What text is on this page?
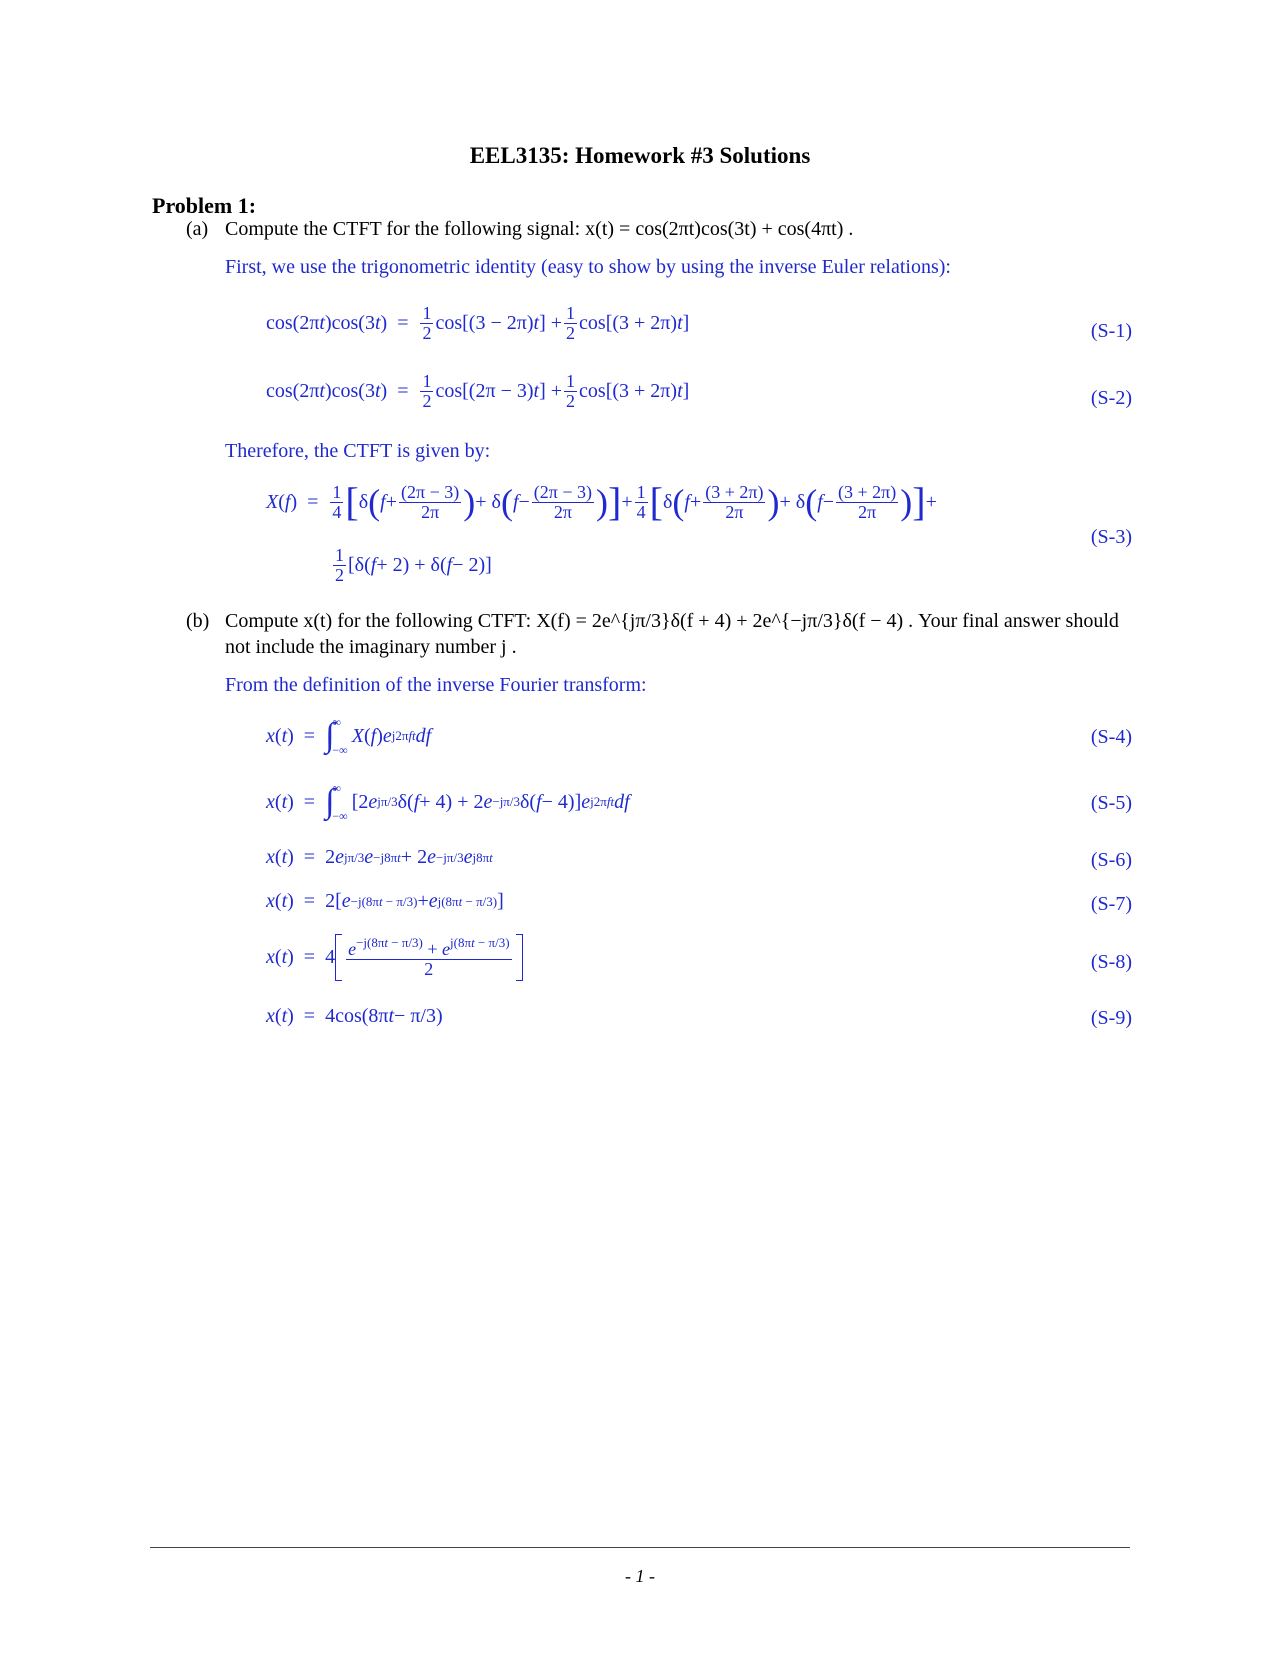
EEL3135: Homework #3 Solutions
Problem 1:
(a) Compute the CTFT for the following signal: x(t) = cos(2πt)cos(3t) + cos(4πt) .
First, we use the trigonometric identity (easy to show by using the inverse Euler relations):
cos(2π t )cos(3 t )  = $\frac{1}{2} \cos[(3 - 2\pi)$ t ] + $\frac{1}{2} \cos[(3 + 2\pi)$ t ]	(S-1)
cos(2π t )cos(3 t )  = $\frac{1}{2} \cos[(2\pi - 3)$ t ] + $\frac{1}{2} \cos[(3 + 2\pi)$ t ]	(S-2)
Therefore, the CTFT is given by:
X ( f )  = $\frac{1}{4}$ [ δ ( $f + \frac{(2\pi - 3)}{2\pi}$ ) + δ ( $f - \frac{(2\pi - 3)}{2\pi}$ ) ] + $\frac{1}{4}$ [ δ ( $f + \frac{(3 + 2\pi)}{2\pi}$ ) + δ ( $f - \frac{(3 + 2\pi)}{2\pi}$ ) ] +
$\frac{1}{2} [\delta$( f + 2) + δ( f − 2)]
(S-3)
(b) Compute x(t) for the following CTFT: X(f) = 2e^{jπ/3}δ(f + 4) + 2e^{−jπ/3}δ(f − 4) . Your final answer should
not include the imaginary number j .
From the definition of the inverse Fourier transform:
x ( t )  = ∫
∞
−∞
X ( f ) e j2πft df	(S-4)
x ( t )  = ∫
∞
−∞
[2 e jπ/3 δ( f + 4) + 2 e −jπ/3 δ( f − 4)] e j2πft df	(S-5)
x ( t )  =  2 e jπ/3 e −j8πt + 2 e −jπ/3 e j8πt	(S-6)
x ( t )  =  2[ e −j(8πt − π/3) + e j(8πt − π/3) ]	(S-7)
x ( t )  =  $4 \frac{e^{-j(8\pi t - \pi/3)} + e^{j(8\pi t - \pi/3)}}{2}$	(S-8)
x ( t )  =  4cos(8π t − π/3)	(S-9)
- 1 -
